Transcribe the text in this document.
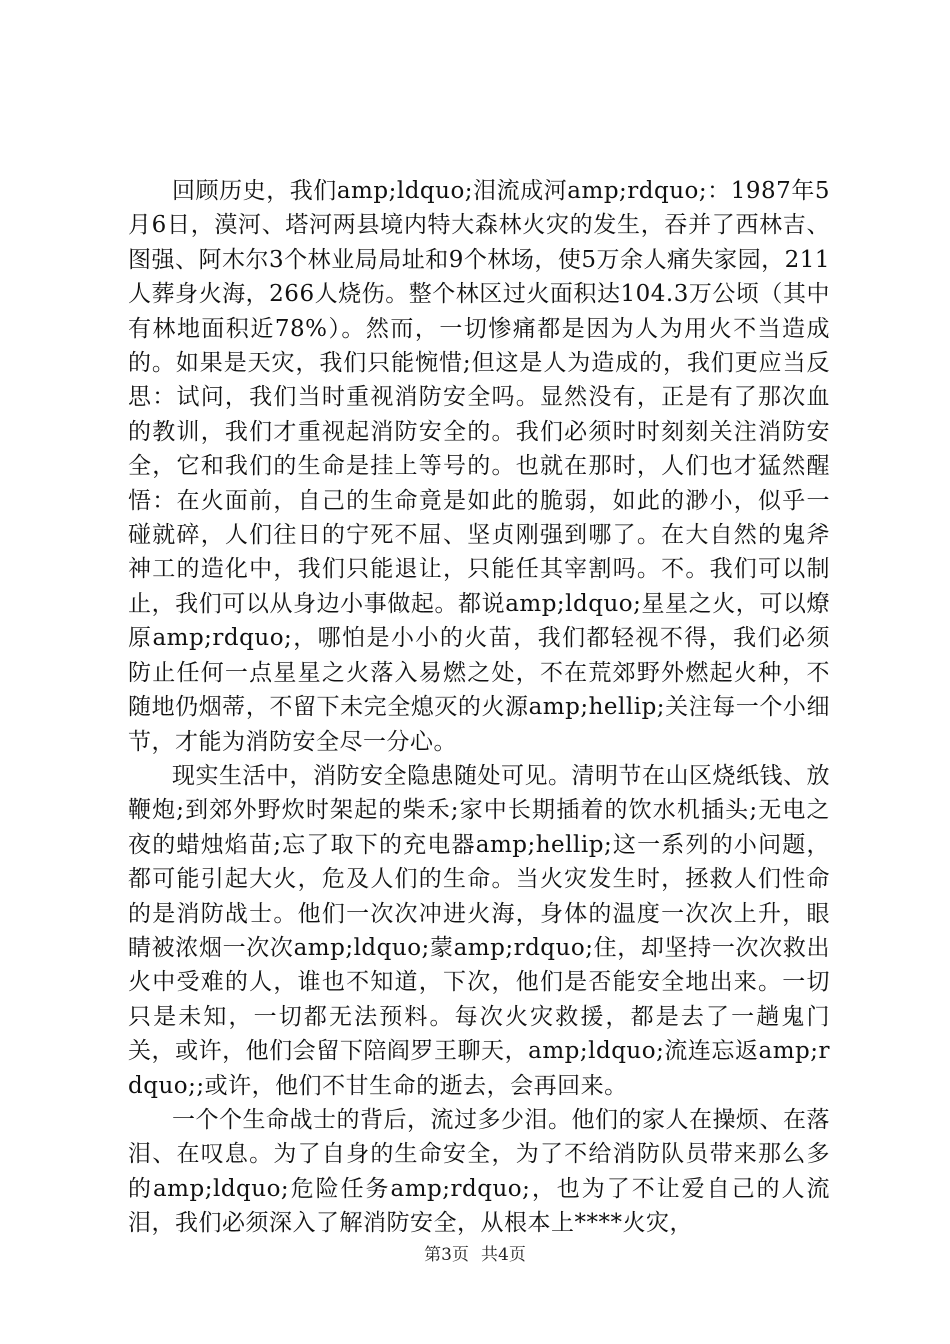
回顾历史，我们amp;ldquo;泪流成河amp;rdquo;：1987年5月6日，漠河、塔河两县境内特大森林火灾的发生，吞并了西林吉、图强、阿木尔3个林业局局址和9个林场，使5万余人痛失家园，211人葬身火海，266人烧伤。整个林区过火面积达104.3万公顷（其中有林地面积近78%）。然而，一切惨痛都是因为人为用火不当造成的。如果是天灾，我们只能惋惜;但这是人为造成的，我们更应当反思：试问，我们当时重视消防安全吗。显然没有，正是有了那次血的教训，我们才重视起消防安全的。我们必须时时刻刻关注消防安全，它和我们的生命是挂上等号的。也就在那时，人们也才猛然醒悟：在火面前，自己的生命竟是如此的脆弱，如此的渺小，似乎一碰就碎，人们往日的宁死不屈、坚贞刚强到哪了。在大自然的鬼斧神工的造化中，我们只能退让，只能任其宰割吗。不。我们可以制止，我们可以从身边小事做起。都说amp;ldquo;星星之火，可以燎原amp;rdquo;，哪怕是小小的火苗，我们都轻视不得，我们必须防止任何一点星星之火落入易燃之处，不在荒郊野外燃起火种，不随地仍烟蒂，不留下未完全熄灭的火源amp;hellip;关注每一个小细节，才能为消防安全尽一分心。

现实生活中，消防安全隐患随处可见。清明节在山区烧纸钱、放鞭炮;到郊外野炊时架起的柴禾;家中长期插着的饮水机插头;无电之夜的蜡烛焰苗;忘了取下的充电器amp;hellip;这一系列的小问题，都可能引起大火，危及人们的生命。当火灾发生时，拯救人们性命的是消防战士。他们一次次冲进火海，身体的温度一次次上升，眼睛被浓烟一次次amp;ldquo;蒙amp;rdquo;住，却坚持一次次救出火中受难的人，谁也不知道，下次，他们是否能安全地出来。一切只是未知，一切都无法预料。每次火灾救援，都是去了一趟鬼门关，或许，他们会留下陪阎罗王聊天，amp;ldquo;流连忘返amp;rdquo;;或许，他们不甘生命的逝去，会再回来。

一个个生命战士的背后，流过多少泪。他们的家人在操烦、在落泪、在叹息。为了自身的生命安全，为了不给消防队员带来那么多的amp;ldquo;危险任务amp;rdquo;，也为了不让爱自己的人流泪，我们必须深入了解消防安全，从根本上****火灾，

第3页 共4页
